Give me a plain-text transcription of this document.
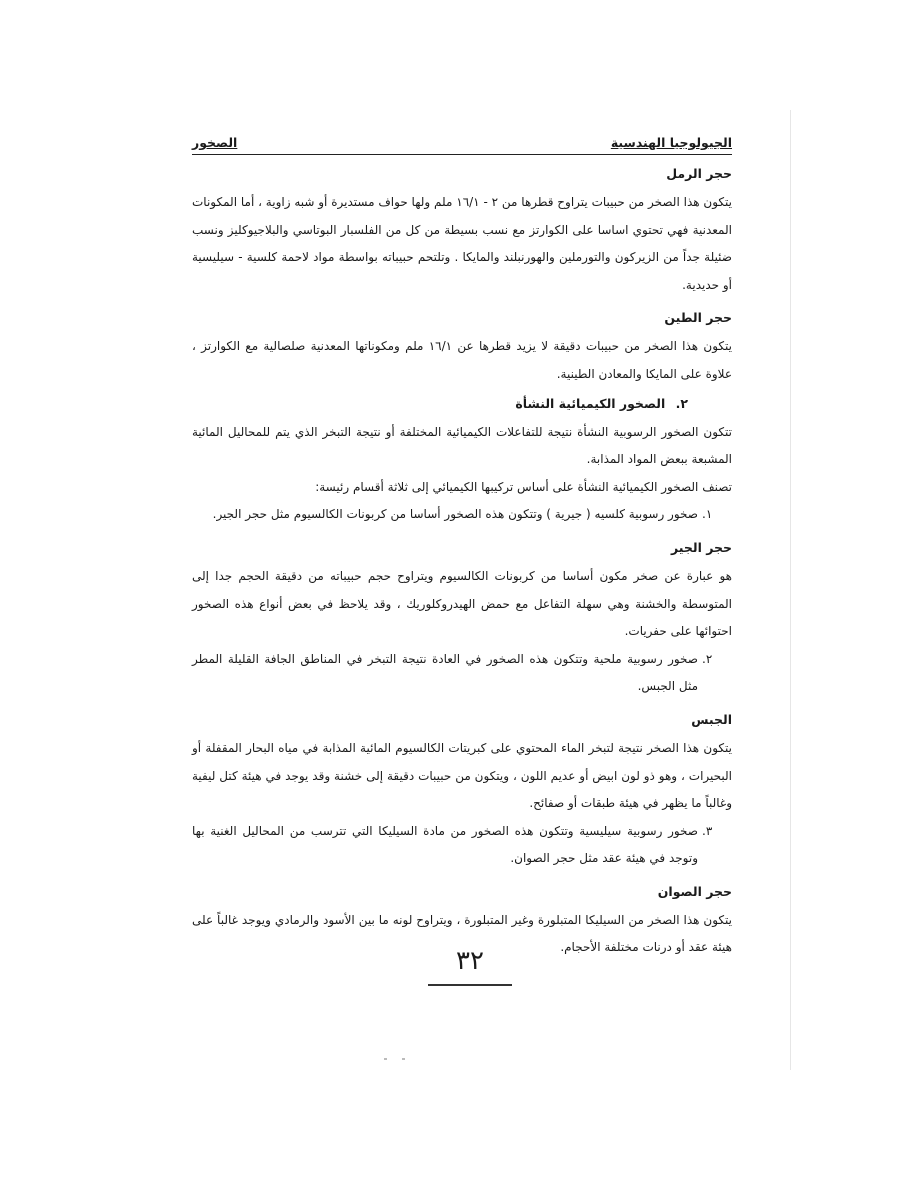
الجيولوجيا الهندسية
الصخور
حجر الرمل

يتكون هذا الصخر من حبيبات يتراوح قطرها من ٢ - ١٦/١ ملم ولها حواف مستديرة أو شبه زاوية ، أما المكونات المعدنية فهي تحتوي اساسا على الكوارتز مع نسب بسيطة من كل من الفلسبار البوتاسي والبلاجيوكليز ونسب ضئيلة جداً من الزيركون والتورملين والهورنبلند والمايكا . وتلتحم حبيباته بواسطة مواد لاحمة كلسية - سيليسية أو حديدية.

حجر الطين

يتكون هذا الصخر من حبيبات دقيقة لا يزيد قطرها عن ١٦/١ ملم ومكوناتها المعدنية صلصالية مع الكوارتز ، علاوة على المايكا والمعادن الطينية.

٢. الصخور الكيميائية النشأة

تتكون الصخور الرسوبية النشأة نتيجة للتفاعلات الكيميائية المختلفة أو نتيجة التبخر الذي يتم للمحاليل المائية المشبعة ببعض المواد المذابة.

تصنف الصخور الكيميائية النشأة على أساس تركيبها الكيميائي إلى ثلاثة أقسام رئيسة:

١.
صخور رسوبية كلسيه ( جيرية ) وتتكون هذه الصخور أساسا من كربونات الكالسيوم مثل حجر الجير.
حجر الجير

هو عبارة عن صخر مكون أساسا من كربونات الكالسيوم ويتراوح حجم حبيباته من دقيقة الحجم جدا إلى المتوسطة والخشنة وهي سهلة التفاعل مع حمض الهيدروكلوريك ، وقد يلاحظ في بعض أنواع هذه الصخور احتوائها على حفريات.

٢.
صخور رسوبية ملحية وتتكون هذه الصخور في العادة نتيجة التبخر في المناطق الجافة القليلة المطر مثل الجبس.
الجبس

يتكون هذا الصخر نتيجة لتبخر الماء المحتوي على كبريتات الكالسيوم المائية المذابة في مياه البحار المقفلة أو البحيرات ، وهو ذو لون ابيض أو عديم اللون ، ويتكون من حبيبات دقيقة إلى خشنة وقد يوجد في هيئة كتل ليفية وغالباً ما يظهر في هيئة طبقات أو صفائح.

٣.
صخور رسوبية سيليسية وتتكون هذه الصخور من مادة السيليكا التي تترسب من المحاليل الغنية بها وتوجد في هيئة عقد مثل حجر الصوان.
حجر الصوان

يتكون هذا الصخر من السيليكا المتبلورة وغير المتبلورة ، ويتراوح لونه ما بين الأسود والرمادي ويوجد غالباً على هيئة عقد أو درنات مختلفة الأحجام.

٣٢
